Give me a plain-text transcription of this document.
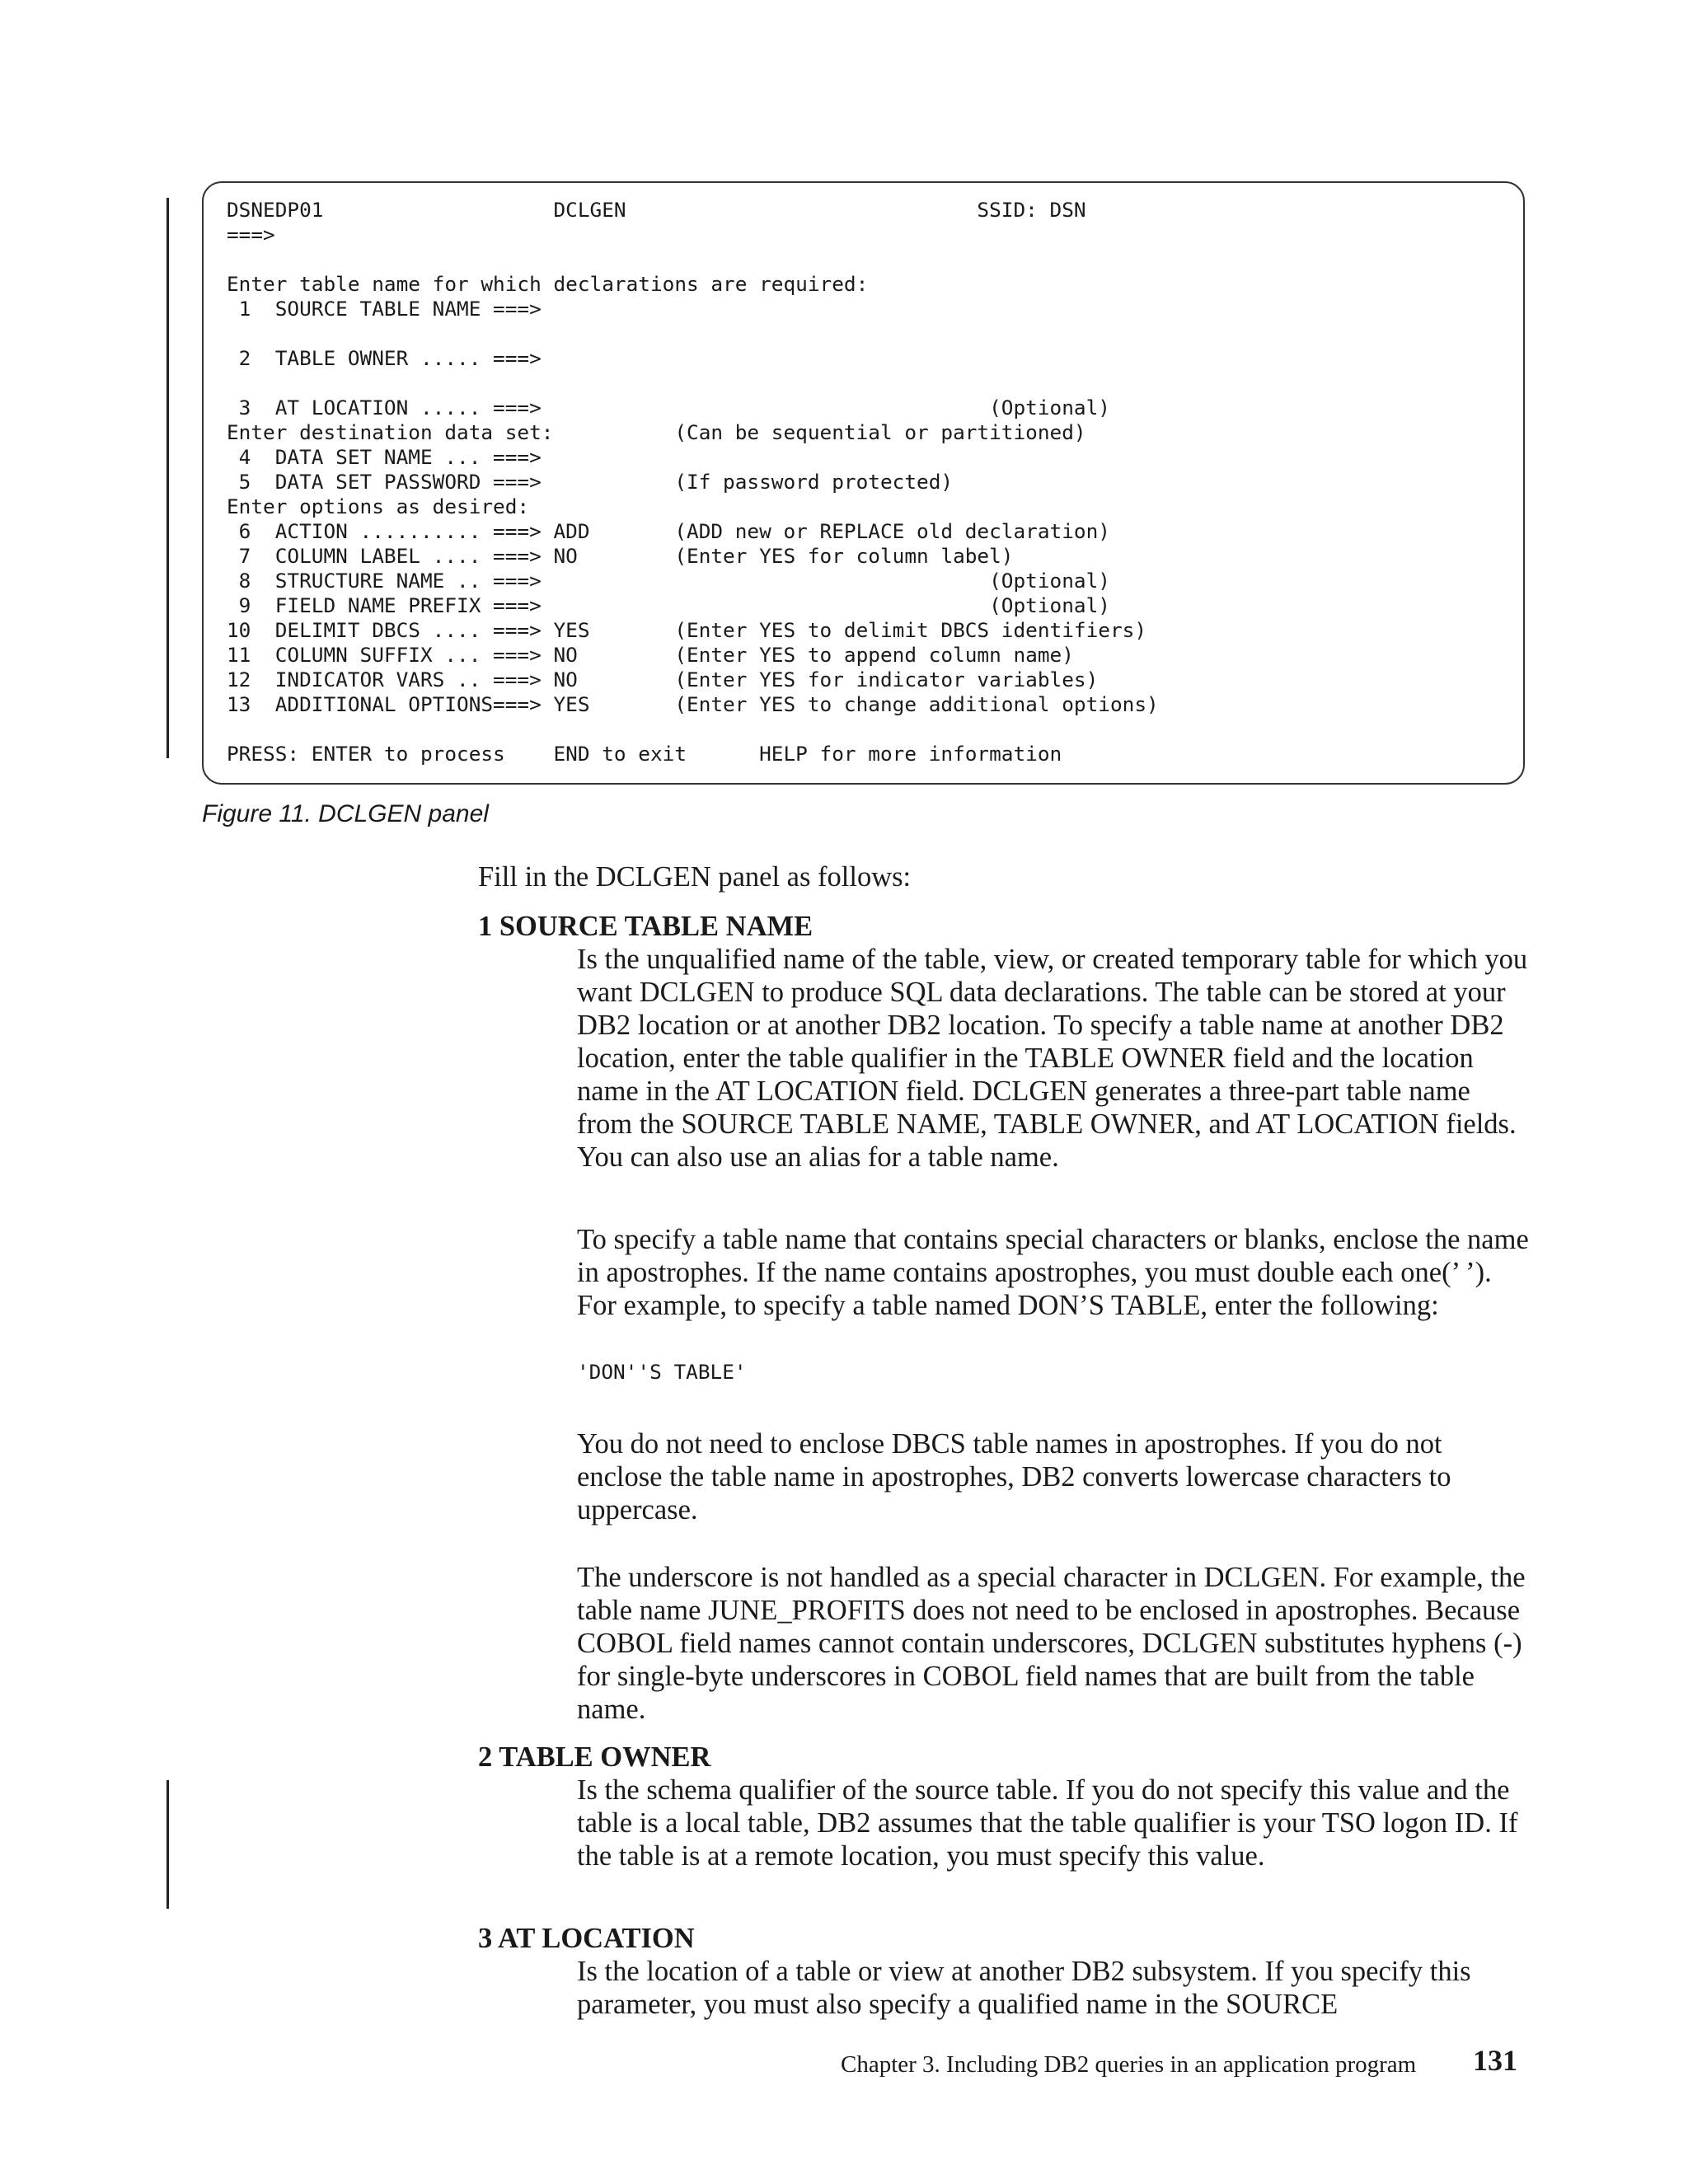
DSNEDP01                   DCLGEN                             SSID: DSN
===>
Enter table name for which declarations are required:
1  SOURCE TABLE NAME ===>
2  TABLE OWNER ..... ===>
3  AT LOCATION ..... ===>                                     (Optional)
Enter destination data set:          (Can be sequential or partitioned)
4  DATA SET NAME ... ===>
5  DATA SET PASSWORD ===>           (If password protected)
Enter options as desired:
6  ACTION .......... ===> ADD       (ADD new or REPLACE old declaration)
7  COLUMN LABEL .... ===> NO        (Enter YES for column label)
8  STRUCTURE NAME .. ===>                                     (Optional)
9  FIELD NAME PREFIX ===>                                     (Optional)
10  DELIMIT DBCS .... ===> YES       (Enter YES to delimit DBCS identifiers)
11  COLUMN SUFFIX ... ===> NO        (Enter YES to append column name)
12  INDICATOR VARS .. ===> NO        (Enter YES for indicator variables)
13  ADDITIONAL OPTIONS===> YES       (Enter YES to change additional options)
PRESS: ENTER to process    END to exit      HELP for more information
Figure 11. DCLGEN panel
Fill in the DCLGEN panel as follows:
1 SOURCE TABLE NAME
Is the unqualified name of the table, view, or created temporary table for which you want DCLGEN to produce SQL data declarations. The table can be stored at your DB2 location or at another DB2 location. To specify a table name at another DB2 location, enter the table qualifier in the TABLE OWNER field and the location name in the AT LOCATION field. DCLGEN generates a three-part table name from the SOURCE TABLE NAME, TABLE OWNER, and AT LOCATION fields. You can also use an alias for a table name.
To specify a table name that contains special characters or blanks, enclose the name in apostrophes. If the name contains apostrophes, you must double each one(’ ’). For example, to specify a table named DON’S TABLE, enter the following:
'DON''S TABLE'
You do not need to enclose DBCS table names in apostrophes. If you do not enclose the table name in apostrophes, DB2 converts lowercase characters to uppercase.
The underscore is not handled as a special character in DCLGEN. For example, the table name JUNE_PROFITS does not need to be enclosed in apostrophes. Because COBOL field names cannot contain underscores, DCLGEN substitutes hyphens (-) for single-byte underscores in COBOL field names that are built from the table name.
2 TABLE OWNER
Is the schema qualifier of the source table. If you do not specify this value and the table is a local table, DB2 assumes that the table qualifier is your TSO logon ID. If the table is at a remote location, you must specify this value.
3 AT LOCATION
Is the location of a table or view at another DB2 subsystem. If you specify this parameter, you must also specify a qualified name in the SOURCE
Chapter 3. Including DB2 queries in an application program 131
